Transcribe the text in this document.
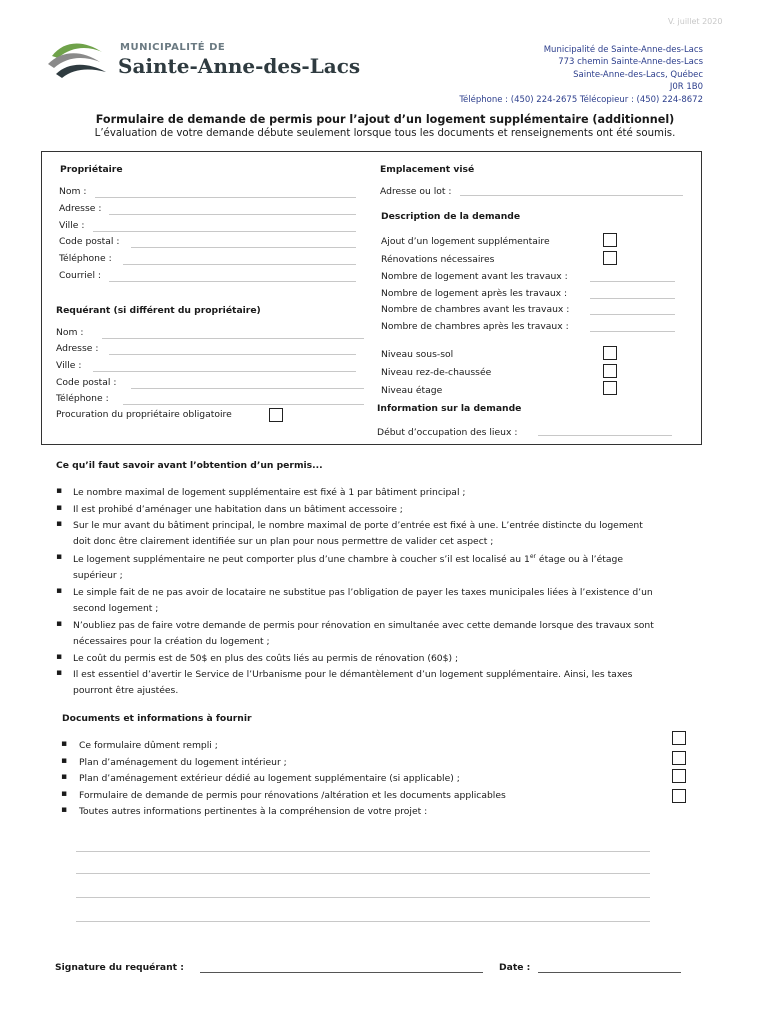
V. juillet 2020
MUNICIPALITÉ DE
Sainte-Anne-des-Lacs
Municipalité de Sainte-Anne-des-Lacs
773 chemin Sainte-Anne-des-Lacs
Sainte-Anne-des-Lacs, Québec
J0R 1B0
Téléphone : (450) 224-2675 Télécopieur : (450) 224-8672
Formulaire de demande de permis pour l’ajout d’un logement supplémentaire (additionnel)
L’évaluation de votre demande débute seulement lorsque tous les documents et renseignements ont été soumis.
Propriétaire
Nom :
Adresse :
Ville :
Code postal :
Téléphone :
Courriel :
Requérant (si différent du propriétaire)
Nom :
Adresse :
Ville :
Code postal :
Téléphone :
Procuration du propriétaire obligatoire
Emplacement visé
Adresse ou lot :
Description de la demande
Ajout d’un logement supplémentaire
Rénovations nécessaires
Nombre de logement avant les travaux :
Nombre de logement après les travaux :
Nombre de chambres avant les travaux :
Nombre de chambres après les travaux :
Niveau sous-sol
Niveau rez-de-chaussée
Niveau étage
Information sur la demande
Début d’occupation des lieux :
Ce qu’il faut savoir avant l’obtention d’un permis...
▪ Le nombre maximal de logement supplémentaire est fixé à 1 par bâtiment principal ;
▪ Il est prohibé d’aménager une habitation dans un bâtiment accessoire ;
▪ Sur le mur avant du bâtiment principal, le nombre maximal de porte d’entrée est fixé à une. L’entrée distincte du logement
doit donc être clairement identifiée sur un plan pour nous permettre de valider cet aspect ;
▪ Le logement supplémentaire ne peut comporter plus d’une chambre à coucher s’il est localisé au 1er étage ou à l’étage
supérieur ;
▪ Le simple fait de ne pas avoir de locataire ne substitue pas l’obligation de payer les taxes municipales liées à l’existence d’un
second logement ;
▪ N’oubliez pas de faire votre demande de permis pour rénovation en simultanée avec cette demande lorsque des travaux sont
nécessaires pour la création du logement ;
▪ Le coût du permis est de 50$ en plus des coûts liés au permis de rénovation (60$) ;
▪ Il est essentiel d’avertir le Service de l’Urbanisme pour le démantèlement d’un logement supplémentaire. Ainsi, les taxes
pourront être ajustées.
Documents et informations à fournir
▪ Ce formulaire dûment rempli ;
▪ Plan d’aménagement du logement intérieur ;
▪ Plan d’aménagement extérieur dédié au logement supplémentaire (si applicable) ;
▪ Formulaire de demande de permis pour rénovations /altération et les documents applicables
▪ Toutes autres informations pertinentes à la compréhension de votre projet :
Signature du requérant :	Date :
